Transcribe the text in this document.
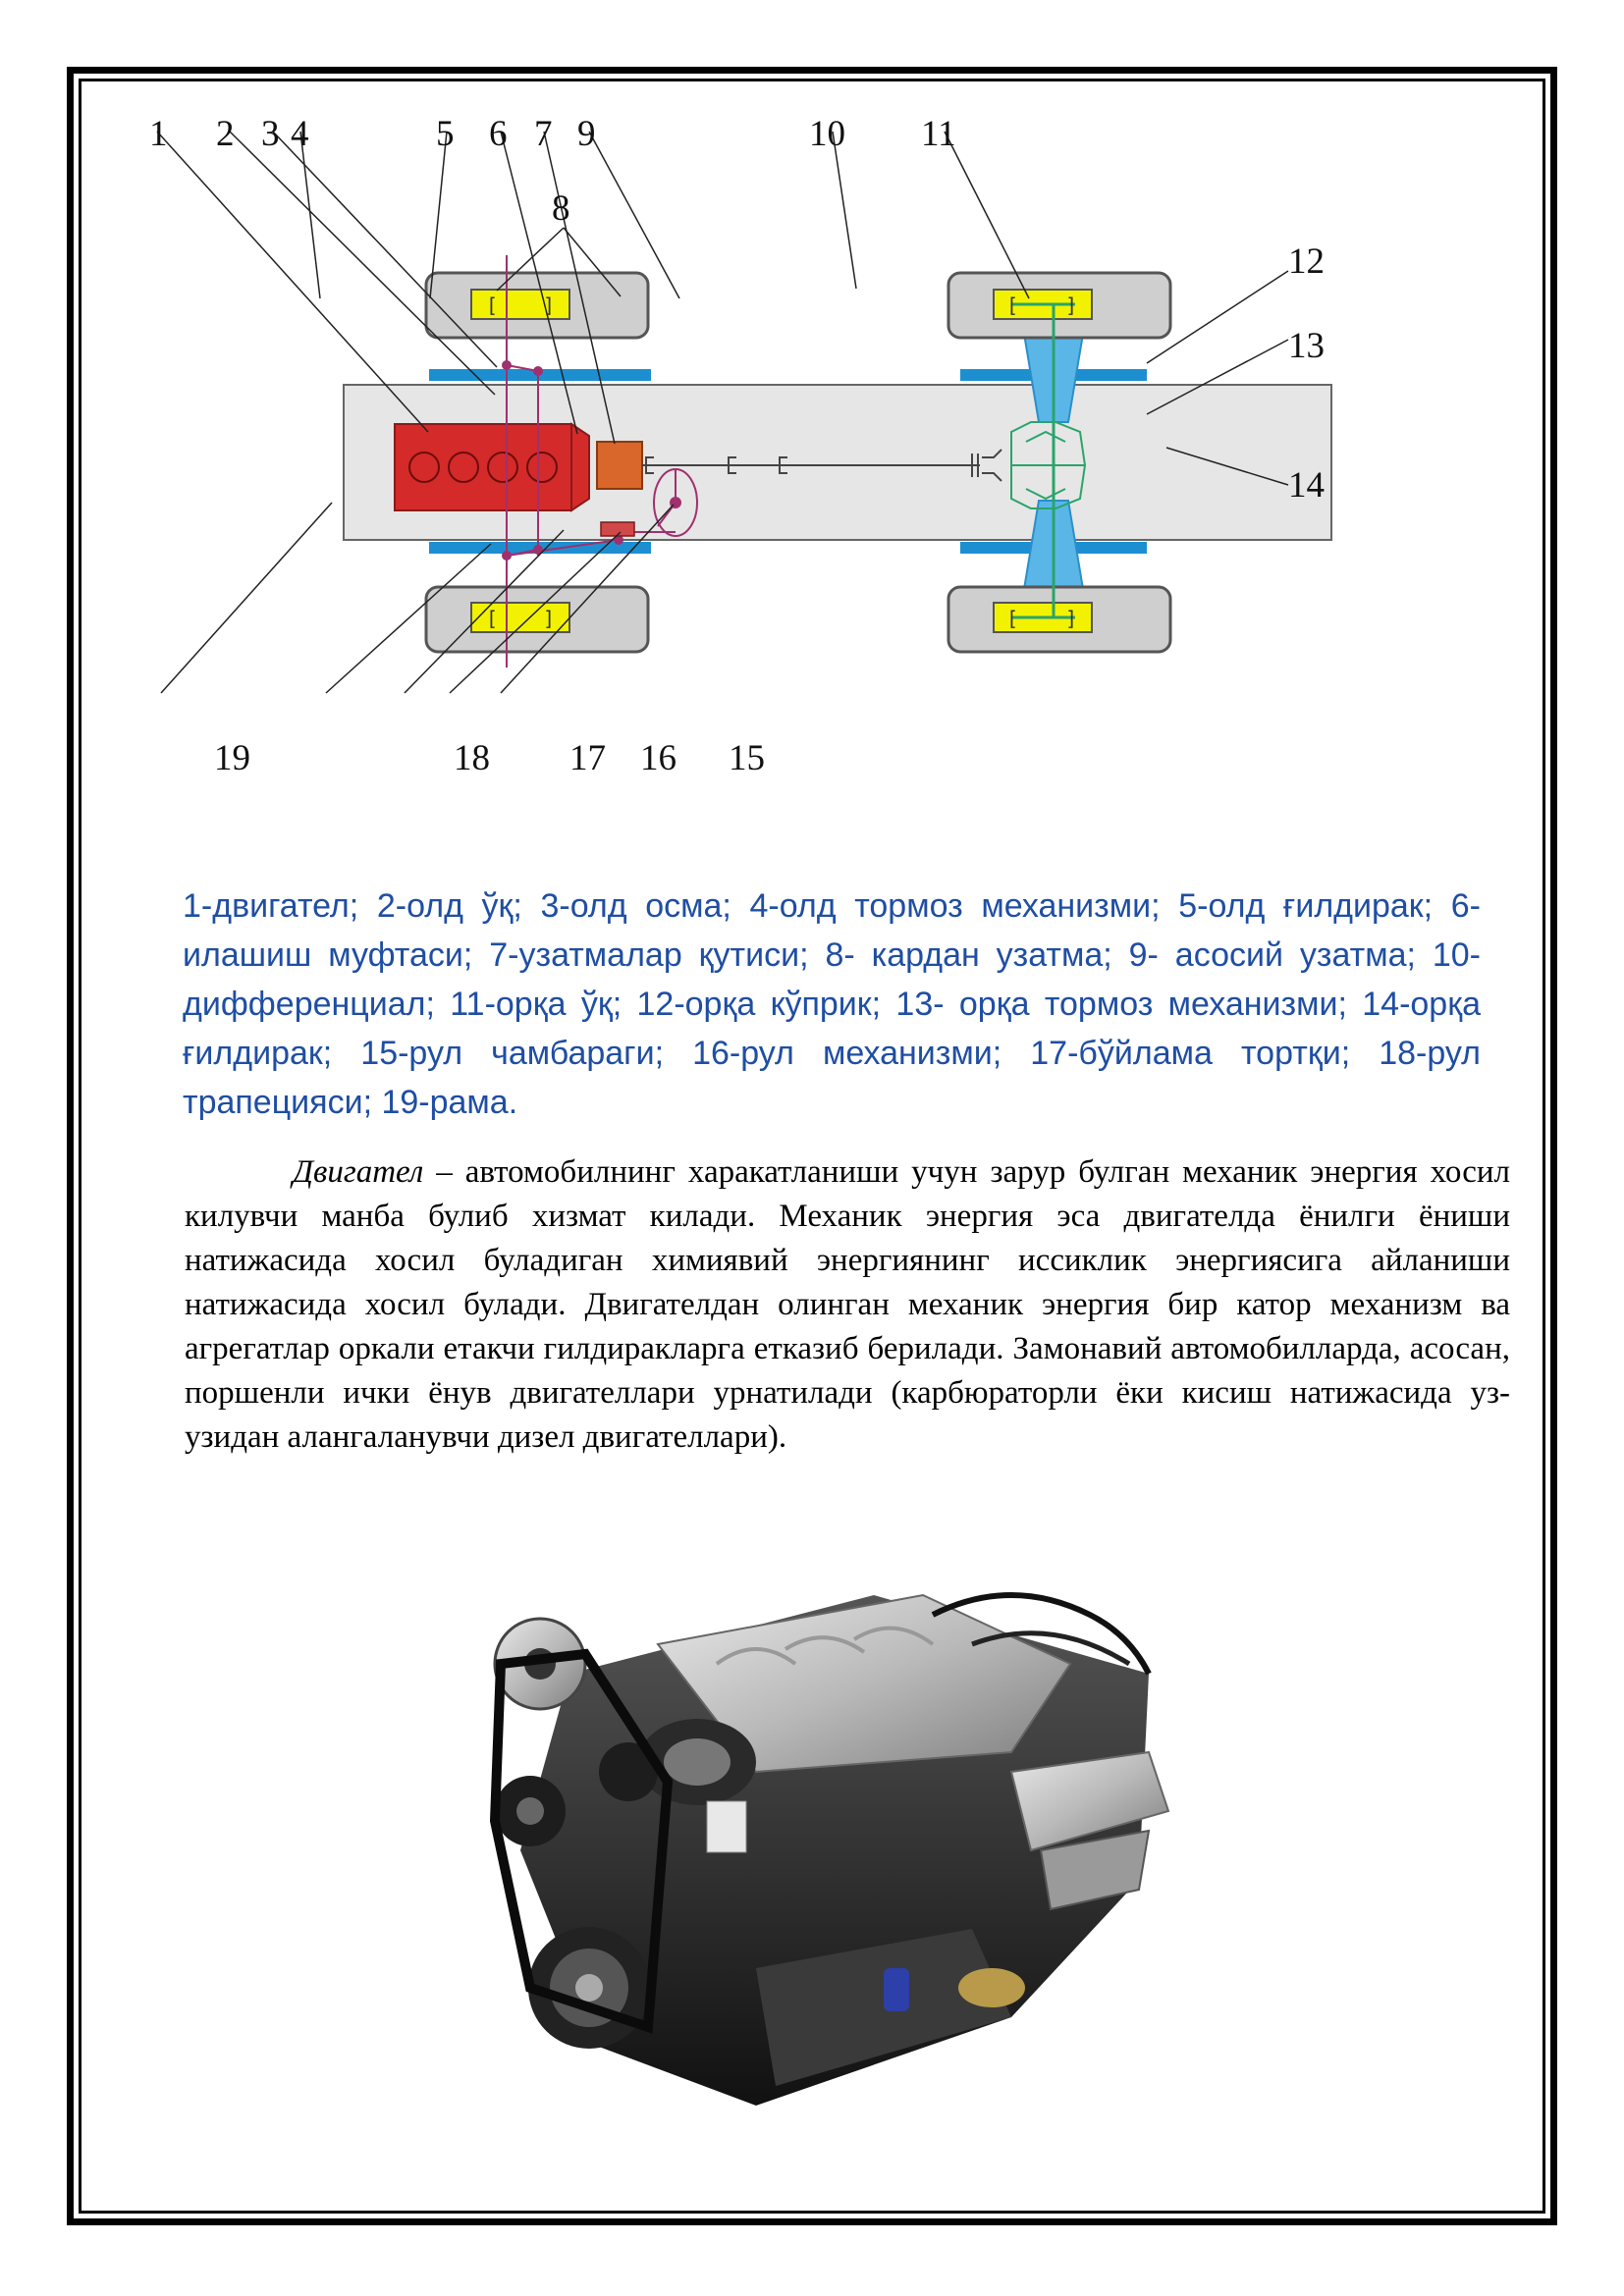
[ ]
[ ]
[ ]
[ ]
1 2 3 4	5 6 7
8
9	10 11
12
13
14
15
16
17
18
19
1-двигател; 2-олд ўқ; 3-олд осма; 4-олд тормоз механизми; 5-олд ғилдирак; 6-илашиш муфтаси; 7-узатмалар қутиси; 8- кардан узатма; 9- асосий узатма; 10-дифференциал; 11-орқа ўқ; 12-орқа кўприк; 13- орқа тормоз механизми; 14-орқа ғилдирак; 15-рул чамбараги; 16-рул механизми; 17-бўйлама тортқи; 18-рул трапецияси; 19-рама.

Двигател – автомобилнинг харакатланиши учун зарур булган механик энергия хосил килувчи манба булиб хизмат килади. Механик энергия эса двигателда ёнилги ёниши натижасида хосил буладиган химиявий энергиянинг иссиклик энергиясига айланиши натижасида хосил булади. Двигателдан олинган механик энергия бир катор механизм ва агрегатлар оркали етакчи гилдиракларга етказиб берилади. Замонавий автомобилларда, асосан, поршенли ички ёнув двигателлари урнатилади (карбюраторли ёки кисиш натижасида уз-узидан алангаланувчи дизел двигателлари).
